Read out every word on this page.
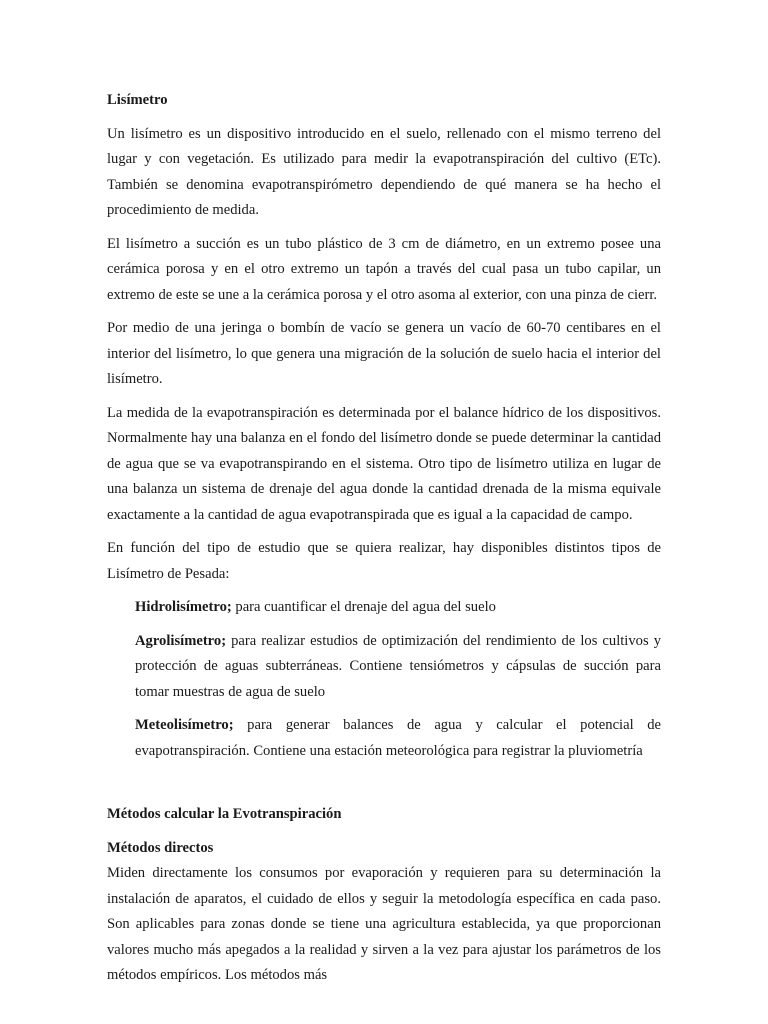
Lisímetro

Un lisímetro es un dispositivo introducido en el suelo, rellenado con el mismo terreno del lugar y con vegetación. Es utilizado para medir la evapotranspiración del cultivo (ETc). También se denomina evapotranspirómetro dependiendo de qué manera se ha hecho el procedimiento de medida.

El lisímetro a succión es un tubo plástico de 3 cm de diámetro, en un extremo posee una cerámica porosa y en el otro extremo un tapón a través del cual pasa un tubo capilar, un extremo de este se une a la cerámica porosa y el otro asoma al exterior, con una pinza de cierr.

Por medio de una jeringa o bombín de vacío se genera un vacío de 60-70 centibares en el interior del lisímetro, lo que genera una migración de la solución de suelo hacia el interior del lisímetro.

La medida de la evapotranspiración es determinada por el balance hídrico de los dispositivos. Normalmente hay una balanza en el fondo del lisímetro donde se puede determinar la cantidad de agua que se va evapotranspirando en el sistema. Otro tipo de lisímetro utiliza en lugar de una balanza un sistema de drenaje del agua donde la cantidad drenada de la misma equivale exactamente a la cantidad de agua evapotranspirada que es igual a la capacidad de campo.

En función del tipo de estudio que se quiera realizar, hay disponibles distintos tipos de Lisímetro de Pesada:

Hidrolisímetro; para cuantificar el drenaje del agua del suelo

Agrolisímetro; para realizar estudios de optimización del rendimiento de los cultivos y protección de aguas subterráneas. Contiene tensiómetros y cápsulas de succión para tomar muestras de agua de suelo

Meteolisímetro; para generar balances de agua y calcular el potencial de evapotranspiración. Contiene una estación meteorológica para registrar la pluviometría

Métodos calcular la Evotranspiración

Métodos directos

Miden directamente los consumos por evaporación y requieren para su determinación la instalación de aparatos, el cuidado de ellos y seguir la metodología específica en cada paso. Son aplicables para zonas donde se tiene una agricultura establecida, ya que proporcionan valores mucho más apegados a la realidad y sirven a la vez para ajustar los parámetros de los métodos empíricos. Los métodos más
